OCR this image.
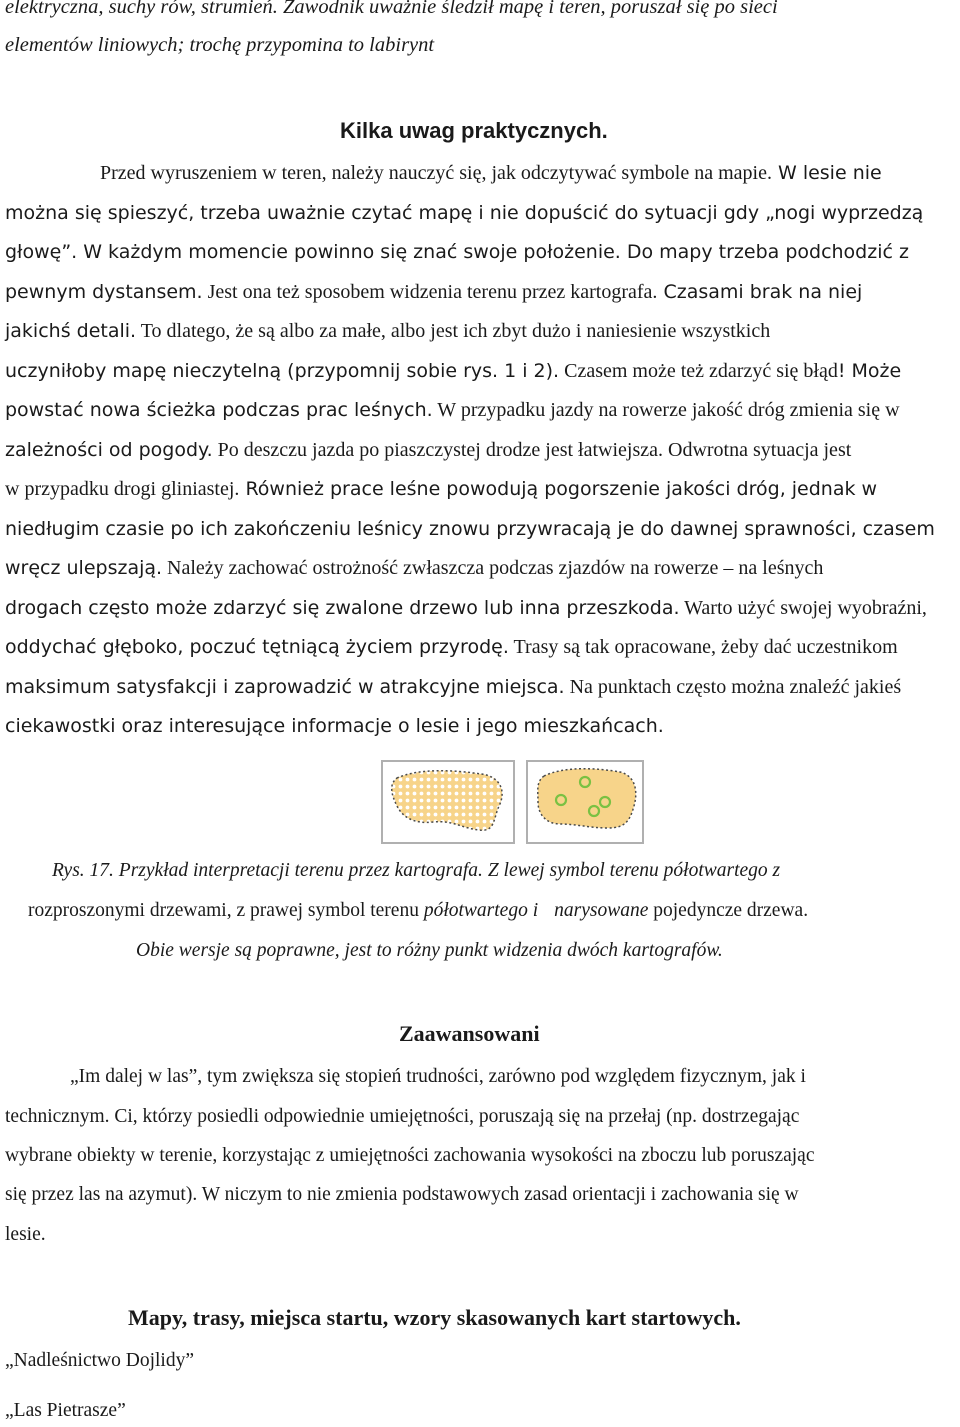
elektryczna, suchy rów, strumień. Zawodnik uważnie śledził mapę i teren, poruszał się po sieci
elementów liniowych; trochę przypomina to labirynt
Kilka uwag praktycznych.
Przed wyruszeniem w teren, należy nauczyć się, jak odczytywać symbole na mapie. W lesie nie
można się spieszyć, trzeba uważnie czytać mapę i nie dopuścić do sytuacji gdy „nogi wyprzedzą
głowę”. W każdym momencie powinno się znać swoje położenie. Do mapy trzeba podchodzić z
pewnym dystansem. Jest ona też sposobem widzenia terenu przez kartografa. Czasami brak na niej
jakichś detali. To dlatego, że są albo za małe, albo jest ich zbyt dużo i naniesienie wszystkich
uczyniłoby mapę nieczytelną (przypomnij sobie rys. 1 i 2). Czasem może też zdarzyć się błąd! Może
powstać nowa ścieżka podczas prac leśnych. W przypadku jazdy na rowerze jakość dróg zmienia się w
zależności od pogody. Po deszczu jazda po piaszczystej drodze jest łatwiejsza. Odwrotna sytuacja jest
w przypadku drogi gliniastej. Również prace leśne powodują pogorszenie jakości dróg, jednak w
niedługim czasie po ich zakończeniu leśnicy znowu przywracają je do dawnej sprawności, czasem
wręcz ulepszają. Należy zachować ostrożność zwłaszcza podczas zjazdów na rowerze – na leśnych
drogach często może zdarzyć się zwalone drzewo lub inna przeszkoda. Warto użyć swojej wyobraźni,
oddychać głęboko, poczuć tętniącą życiem przyrodę. Trasy są tak opracowane, żeby dać uczestnikom
maksimum satysfakcji i zaprowadzić w atrakcyjne miejsca. Na punktach często można znaleźć jakieś
ciekawostki oraz interesujące informacje o lesie i jego mieszkańcach.
Rys. 17. Przykład interpretacji terenu przez kartografa. Z lewej symbol terenu półotwartego z
rozproszonymi drzewami, z prawej symbol terenu półotwartego i narysowane pojedyncze drzewa.
Obie wersje są poprawne, jest to różny punkt widzenia dwóch kartografów.
Zaawansowani
„Im dalej w las”, tym zwiększa się stopień trudności, zarówno pod względem fizycznym, jak i
technicznym. Ci, którzy posiedli odpowiednie umiejętności, poruszają się na przełaj (np. dostrzegając
wybrane obiekty w terenie, korzystając z umiejętności zachowania wysokości na zboczu lub poruszając
się przez las na azymut). W niczym to nie zmienia podstawowych zasad orientacji i zachowania się w
lesie.
Mapy, trasy, miejsca startu, wzory skasowanych kart startowych.
„Nadleśnictwo Dojlidy”
„Las Pietrasze”
